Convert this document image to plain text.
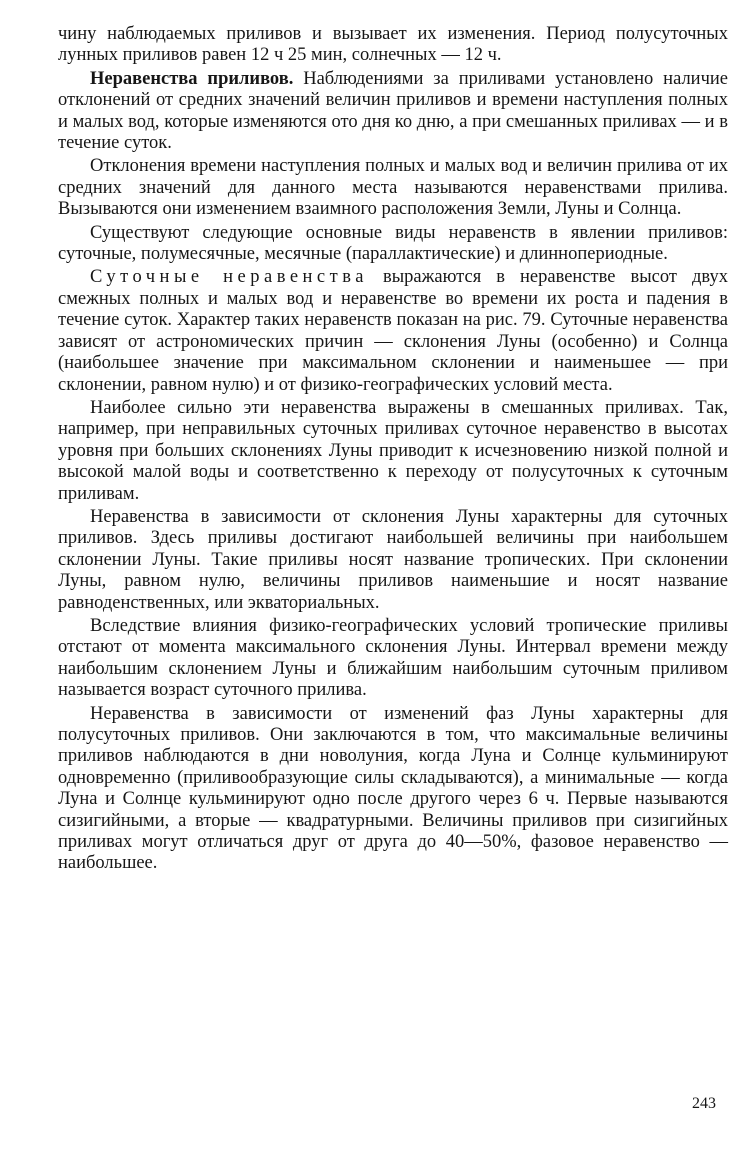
чину наблюдаемых приливов и вызывает их изменения. Период полусуточных лунных приливов равен 12 ч 25 мин, солнечных — 12 ч.

Неравенства приливов. Наблюдениями за приливами установлено наличие отклонений от средних значений величин приливов и времени наступления полных и малых вод, которые изменяются ото дня ко дню, а при смешанных приливах — и в течение суток.

Отклонения времени наступления полных и малых вод и величин прилива от их средних значений для данного места называются неравенствами прилива. Вызываются они изменением взаимного расположения Земли, Луны и Солнца.

Существуют следующие основные виды неравенств в явлении приливов: суточные, полумесячные, месячные (параллактические) и длиннопериодные.

Суточные неравенства выражаются в неравенстве высот двух смежных полных и малых вод и неравенстве во времени их роста и падения в течение суток. Характер таких неравенств показан на рис. 79. Суточные неравенства зависят от астрономических причин — склонения Луны (особенно) и Солнца (наибольшее значение при максимальном склонении и наименьшее — при склонении, равном нулю) и от физико-географических условий места.

Наиболее сильно эти неравенства выражены в смешанных приливах. Так, например, при неправильных суточных приливах суточное неравенство в высотах уровня при больших склонениях Луны приводит к исчезновению низкой полной и высокой малой воды и соответственно к переходу от полусуточных к суточным приливам.

Неравенства в зависимости от склонения Луны характерны для суточных приливов. Здесь приливы достигают наибольшей величины при наибольшем склонении Луны. Такие приливы носят название тропических. При склонении Луны, равном нулю, величины приливов наименьшие и носят название равноденственных, или экваториальных.

Вследствие влияния физико-географических условий тропические приливы отстают от момента максимального склонения Луны. Интервал времени между наибольшим склонением Луны и ближайшим наибольшим суточным приливом называется возраст суточного прилива.

Неравенства в зависимости от изменений фаз Луны характерны для полусуточных приливов. Они заключаются в том, что максимальные величины приливов наблюдаются в дни новолуния, когда Луна и Солнце кульминируют одновременно (приливообразующие силы складываются), а минимальные — когда Луна и Солнце кульминируют одно после другого через 6 ч. Первые называются сизигийными, а вторые — квадратурными. Величины приливов при сизигийных приливах могут отличаться друг от друга до 40—50%, фазовое неравенство — наибольшее.

243
